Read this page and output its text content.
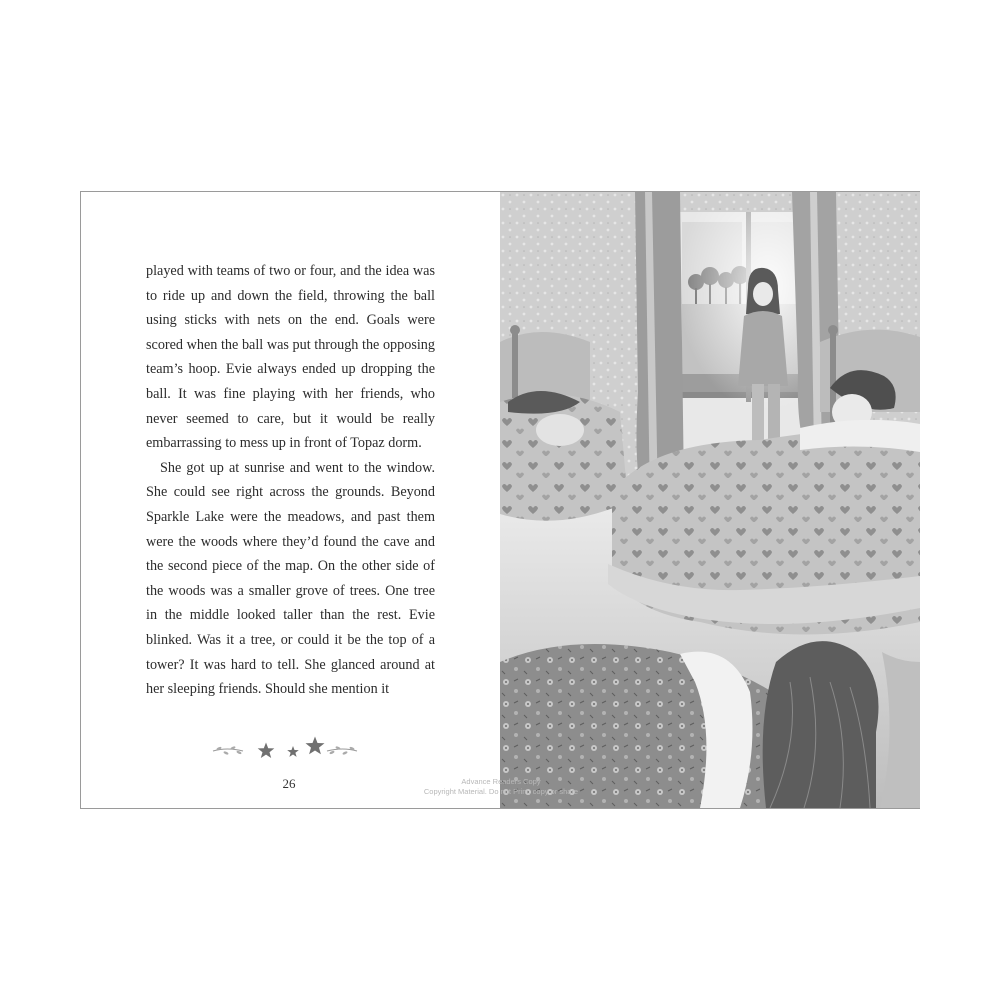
played with teams of two or four, and the idea was to ride up and down the field, throwing the ball using sticks with nets on the end. Goals were scored when the ball was put through the opposing team’s hoop. Evie always ended up dropping the ball. It was fine playing with her friends, who never seemed to care, but it would be really embarrassing to mess up in front of Topaz dorm.

She got up at sunrise and went to the window. She could see right across the grounds. Beyond Sparkle Lake were the meadows, and past them were the woods where they’d found the cave and the second piece of the map. On the other side of the woods was a smaller grove of trees. One tree in the middle looked taller than the rest. Evie blinked. Was it a tree, or could it be the top of a tower? It was hard to tell. She glanced around at her sleeping friends. Should she mention it

26	Advance Readers Copy
Copyright Material. Do not Print, copy or share
